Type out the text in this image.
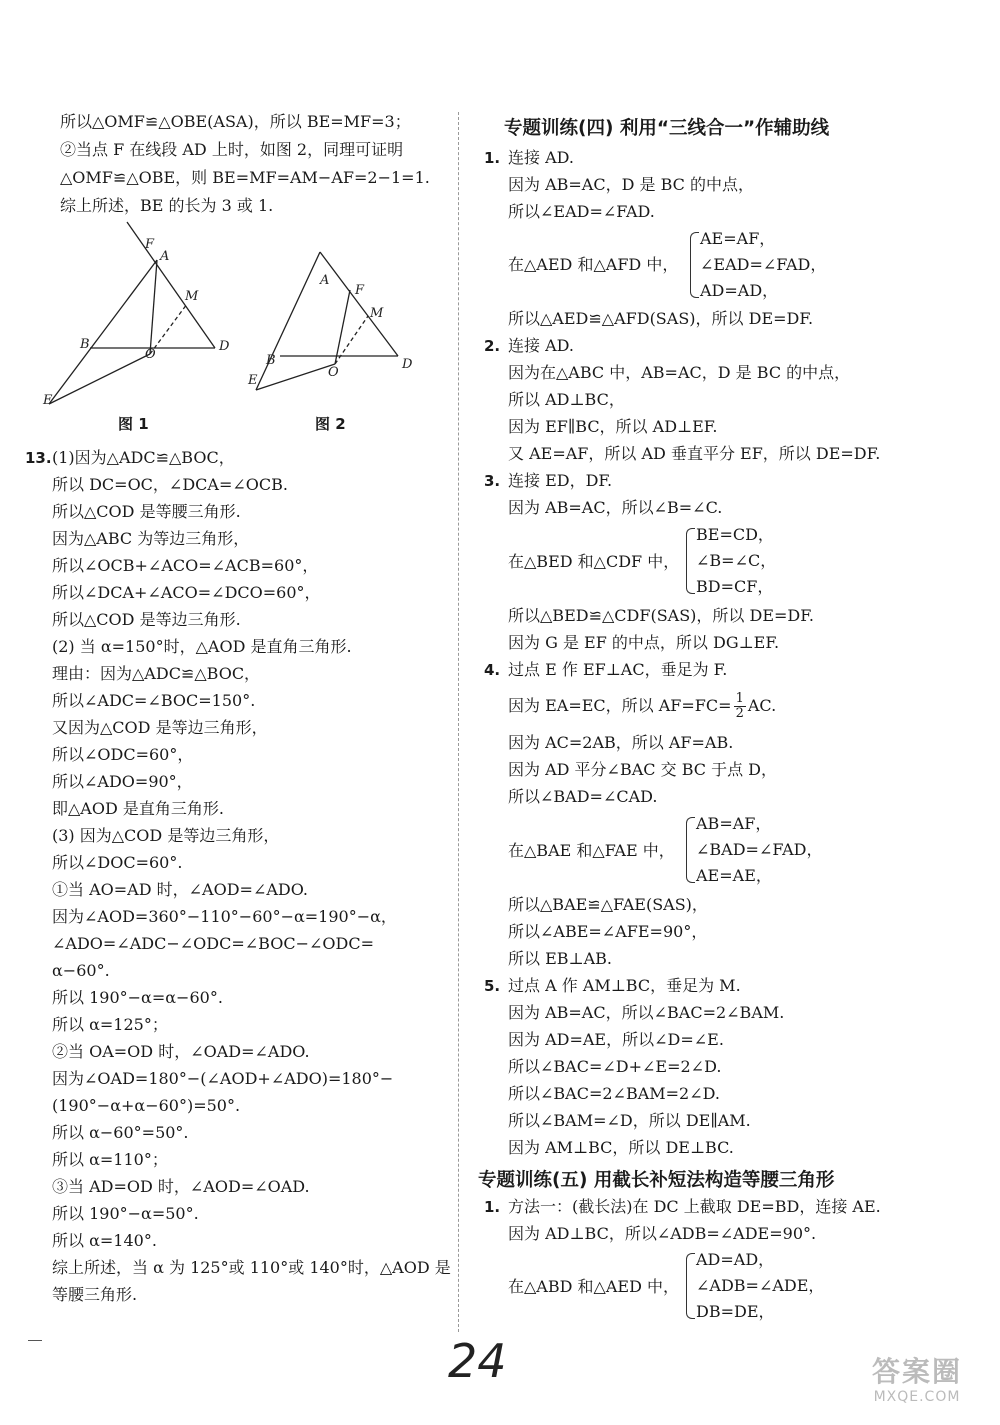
所以△OMF≌△OBE(ASA)，所以 BE=MF=3；
②当点 F 在线段 AD 上时，如图 2，同理可证明
△OMF≌△OBE，则 BE=MF=AM−AF=2−1=1.
综上所述，BE 的长为 3 或 1.
F
A
M
B
O
D
E
图 1
A
F
M
B
O
D
E
图 2
13. (1)因为△ADC≌△BOC，
所以 DC=OC，∠DCA=∠OCB.
所以△COD 是等腰三角形.
因为△ABC 为等边三角形，
所以∠OCB+∠ACO=∠ACB=60°，
所以∠DCA+∠ACO=∠DCO=60°，
所以△COD 是等边三角形.
(2) 当 α=150°时，△AOD 是直角三角形.
理由：因为△ADC≌△BOC，
所以∠ADC=∠BOC=150°.
又因为△COD 是等边三角形，
所以∠ODC=60°，
所以∠ADO=90°，
即△AOD 是直角三角形.
(3) 因为△COD 是等边三角形，
所以∠DOC=60°.
①当 AO=AD 时，∠AOD=∠ADO.
因为∠AOD=360°−110°−60°−α=190°−α，
∠ADO=∠ADC−∠ODC=∠BOC−∠ODC=
α−60°.
所以 190°−α=α−60°.
所以 α=125°；
②当 OA=OD 时，∠OAD=∠ADO.
因为∠OAD=180°−(∠AOD+∠ADO)=180°−
(190°−α+α−60°)=50°.
所以 α−60°=50°.
所以 α=110°；
③当 AD=OD 时，∠AOD=∠OAD.
所以 190°−α=50°.
所以 α=140°.
综上所述，当 α 为 125°或 110°或 140°时，△AOD 是
等腰三角形.
专题训练(四) 利用“三线合一”作辅助线
1. 连接 AD.
因为 AB=AC，D 是 BC 的中点，
所以∠EAD=∠FAD.
在△AED 和△AFD 中，
AE=AF，
∠EAD=∠FAD，
AD=AD，
所以△AED≌△AFD(SAS)，所以 DE=DF.
2. 连接 AD.
因为在△ABC 中，AB=AC，D 是 BC 的中点，
所以 AD⊥BC，
因为 EF∥BC，所以 AD⊥EF.
又 AE=AF，所以 AD 垂直平分 EF，所以 DE=DF.
3. 连接 ED，DF.
因为 AB=AC，所以∠B=∠C.
在△BED 和△CDF 中，
BE=CD，
∠B=∠C，
BD=CF，
所以△BED≌△CDF(SAS)，所以 DE=DF.
因为 G 是 EF 的中点，所以 DG⊥EF.
4. 过点 E 作 EF⊥AC，垂足为 F.
因为 EA=EC，所以 $AF=FC= \frac{1}{2}$ AC.
因为 AC=2AB，所以 AF=AB.
因为 AD 平分∠BAC 交 BC 于点 D，
所以∠BAD=∠CAD.
在△BAE 和△FAE 中，
AB=AF，
∠BAD=∠FAD，
AE=AE，
所以△BAE≌△FAE(SAS)，
所以∠ABE=∠AFE=90°，
所以 EB⊥AB.
5. 过点 A 作 AM⊥BC，垂足为 M.
因为 AB=AC，所以∠BAC=2∠BAM.
因为 AD=AE，所以∠D=∠E.
所以∠BAC=∠D+∠E=2∠D.
所以∠BAC=2∠BAM=2∠D.
所以∠BAM=∠D，所以 DE∥AM.
因为 AM⊥BC，所以 DE⊥BC.
专题训练(五) 用截长补短法构造等腰三角形
1. 方法一：(截长法)在 DC 上截取 DE=BD，连接 AE.
因为 AD⊥BC，所以∠ADB=∠ADE=90°.
在△ABD 和△AED 中，
AD=AD，
∠ADB=∠ADE，
DB=DE，
24	答案圈
MXQE.COM
